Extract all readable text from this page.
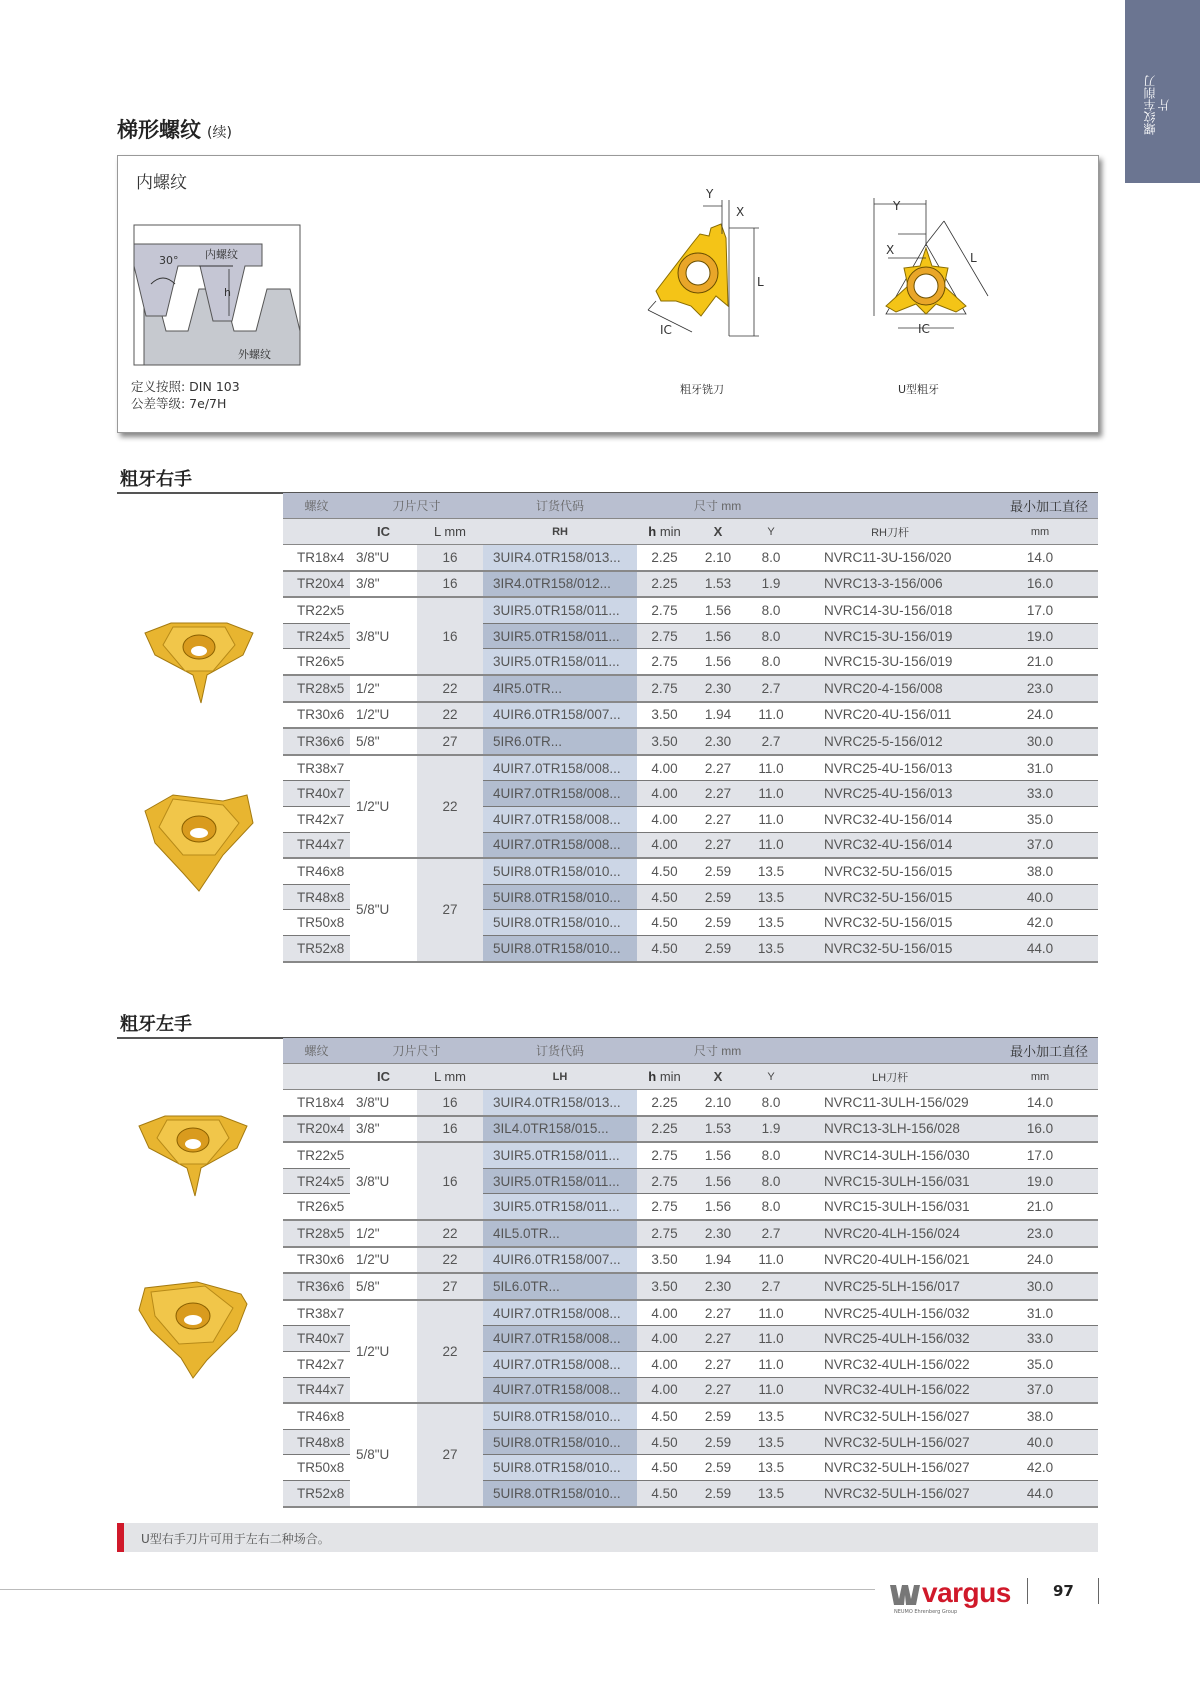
螺纹车削刀片
梯形螺纹 (续)
内螺纹
30° 内螺纹
h
外螺纹
定义按照: DIN 103
公差等级: 7e/7H
Y
X
L
IC
粗牙铣刀
Y
X
L
IC
U型粗牙
粗牙右手
螺纹	刀片尺寸		订货代码	尺寸 mm			最小加工直径	
	IC	L mm	RH	h min	X	Y	RH刀杆	mm
TR18x4	3/8"U	16	3UIR4.0TR158/013...	2.25	2.10	8.0	NVRC11-3U-156/020	14.0
TR20x4	3/8"	16	3IR4.0TR158/012...	2.25	1.53	1.9	NVRC13-3-156/006	16.0
TR22x5	3/8"U	16	3UIR5.0TR158/011...	2.75	1.56	8.0	NVRC14-3U-156/018	17.0
TR24x5			3UIR5.0TR158/011...	2.75	1.56	8.0	NVRC15-3U-156/019	19.0
TR26x5			3UIR5.0TR158/011...	2.75	1.56	8.0	NVRC15-3U-156/019	21.0
TR28x5	1/2"	22	4IR5.0TR...	2.75	2.30	2.7	NVRC20-4-156/008	23.0
TR30x6	1/2"U	22	4UIR6.0TR158/007...	3.50	1.94	11.0	NVRC20-4U-156/011	24.0
TR36x6	5/8"	27	5IR6.0TR...	3.50	2.30	2.7	NVRC25-5-156/012	30.0
TR38x7	1/2"U	22	4UIR7.0TR158/008...	4.00	2.27	11.0	NVRC25-4U-156/013	31.0
TR40x7			4UIR7.0TR158/008...	4.00	2.27	11.0	NVRC25-4U-156/013	33.0
TR42x7			4UIR7.0TR158/008...	4.00	2.27	11.0	NVRC32-4U-156/014	35.0
TR44x7			4UIR7.0TR158/008...	4.00	2.27	11.0	NVRC32-4U-156/014	37.0
TR46x8	5/8"U	27	5UIR8.0TR158/010...	4.50	2.59	13.5	NVRC32-5U-156/015	38.0
TR48x8			5UIR8.0TR158/010...	4.50	2.59	13.5	NVRC32-5U-156/015	40.0
TR50x8			5UIR8.0TR158/010...	4.50	2.59	13.5	NVRC32-5U-156/015	42.0
TR52x8			5UIR8.0TR158/010...	4.50	2.59	13.5	NVRC32-5U-156/015	44.0
粗牙左手
螺纹	刀片尺寸		订货代码	尺寸 mm			最小加工直径	
	IC	L mm	LH	h min	X	Y	LH刀杆	mm
TR18x4	3/8"U	16	3UIR4.0TR158/013...	2.25	2.10	8.0	NVRC11-3ULH-156/029	14.0
TR20x4	3/8"	16	3IL4.0TR158/015...	2.25	1.53	1.9	NVRC13-3LH-156/028	16.0
TR22x5	3/8"U	16	3UIR5.0TR158/011...	2.75	1.56	8.0	NVRC14-3ULH-156/030	17.0
TR24x5			3UIR5.0TR158/011...	2.75	1.56	8.0	NVRC15-3ULH-156/031	19.0
TR26x5			3UIR5.0TR158/011...	2.75	1.56	8.0	NVRC15-3ULH-156/031	21.0
TR28x5	1/2"	22	4IL5.0TR...	2.75	2.30	2.7	NVRC20-4LH-156/024	23.0
TR30x6	1/2"U	22	4UIR6.0TR158/007...	3.50	1.94	11.0	NVRC20-4ULH-156/021	24.0
TR36x6	5/8"	27	5IL6.0TR...	3.50	2.30	2.7	NVRC25-5LH-156/017	30.0
TR38x7	1/2"U	22	4UIR7.0TR158/008...	4.00	2.27	11.0	NVRC25-4ULH-156/032	31.0
TR40x7			4UIR7.0TR158/008...	4.00	2.27	11.0	NVRC25-4ULH-156/032	33.0
TR42x7			4UIR7.0TR158/008...	4.00	2.27	11.0	NVRC32-4ULH-156/022	35.0
TR44x7			4UIR7.0TR158/008...	4.00	2.27	11.0	NVRC32-4ULH-156/022	37.0
TR46x8	5/8"U	27	5UIR8.0TR158/010...	4.50	2.59	13.5	NVRC32-5ULH-156/027	38.0
TR48x8			5UIR8.0TR158/010...	4.50	2.59	13.5	NVRC32-5ULH-156/027	40.0
TR50x8			5UIR8.0TR158/010...	4.50	2.59	13.5	NVRC32-5ULH-156/027	42.0
TR52x8			5UIR8.0TR158/010...	4.50	2.59	13.5	NVRC32-5ULH-156/027	44.0
U型右手刀片可用于左右二种场合。
vargus
NEUMO Ehrenberg Group
97
